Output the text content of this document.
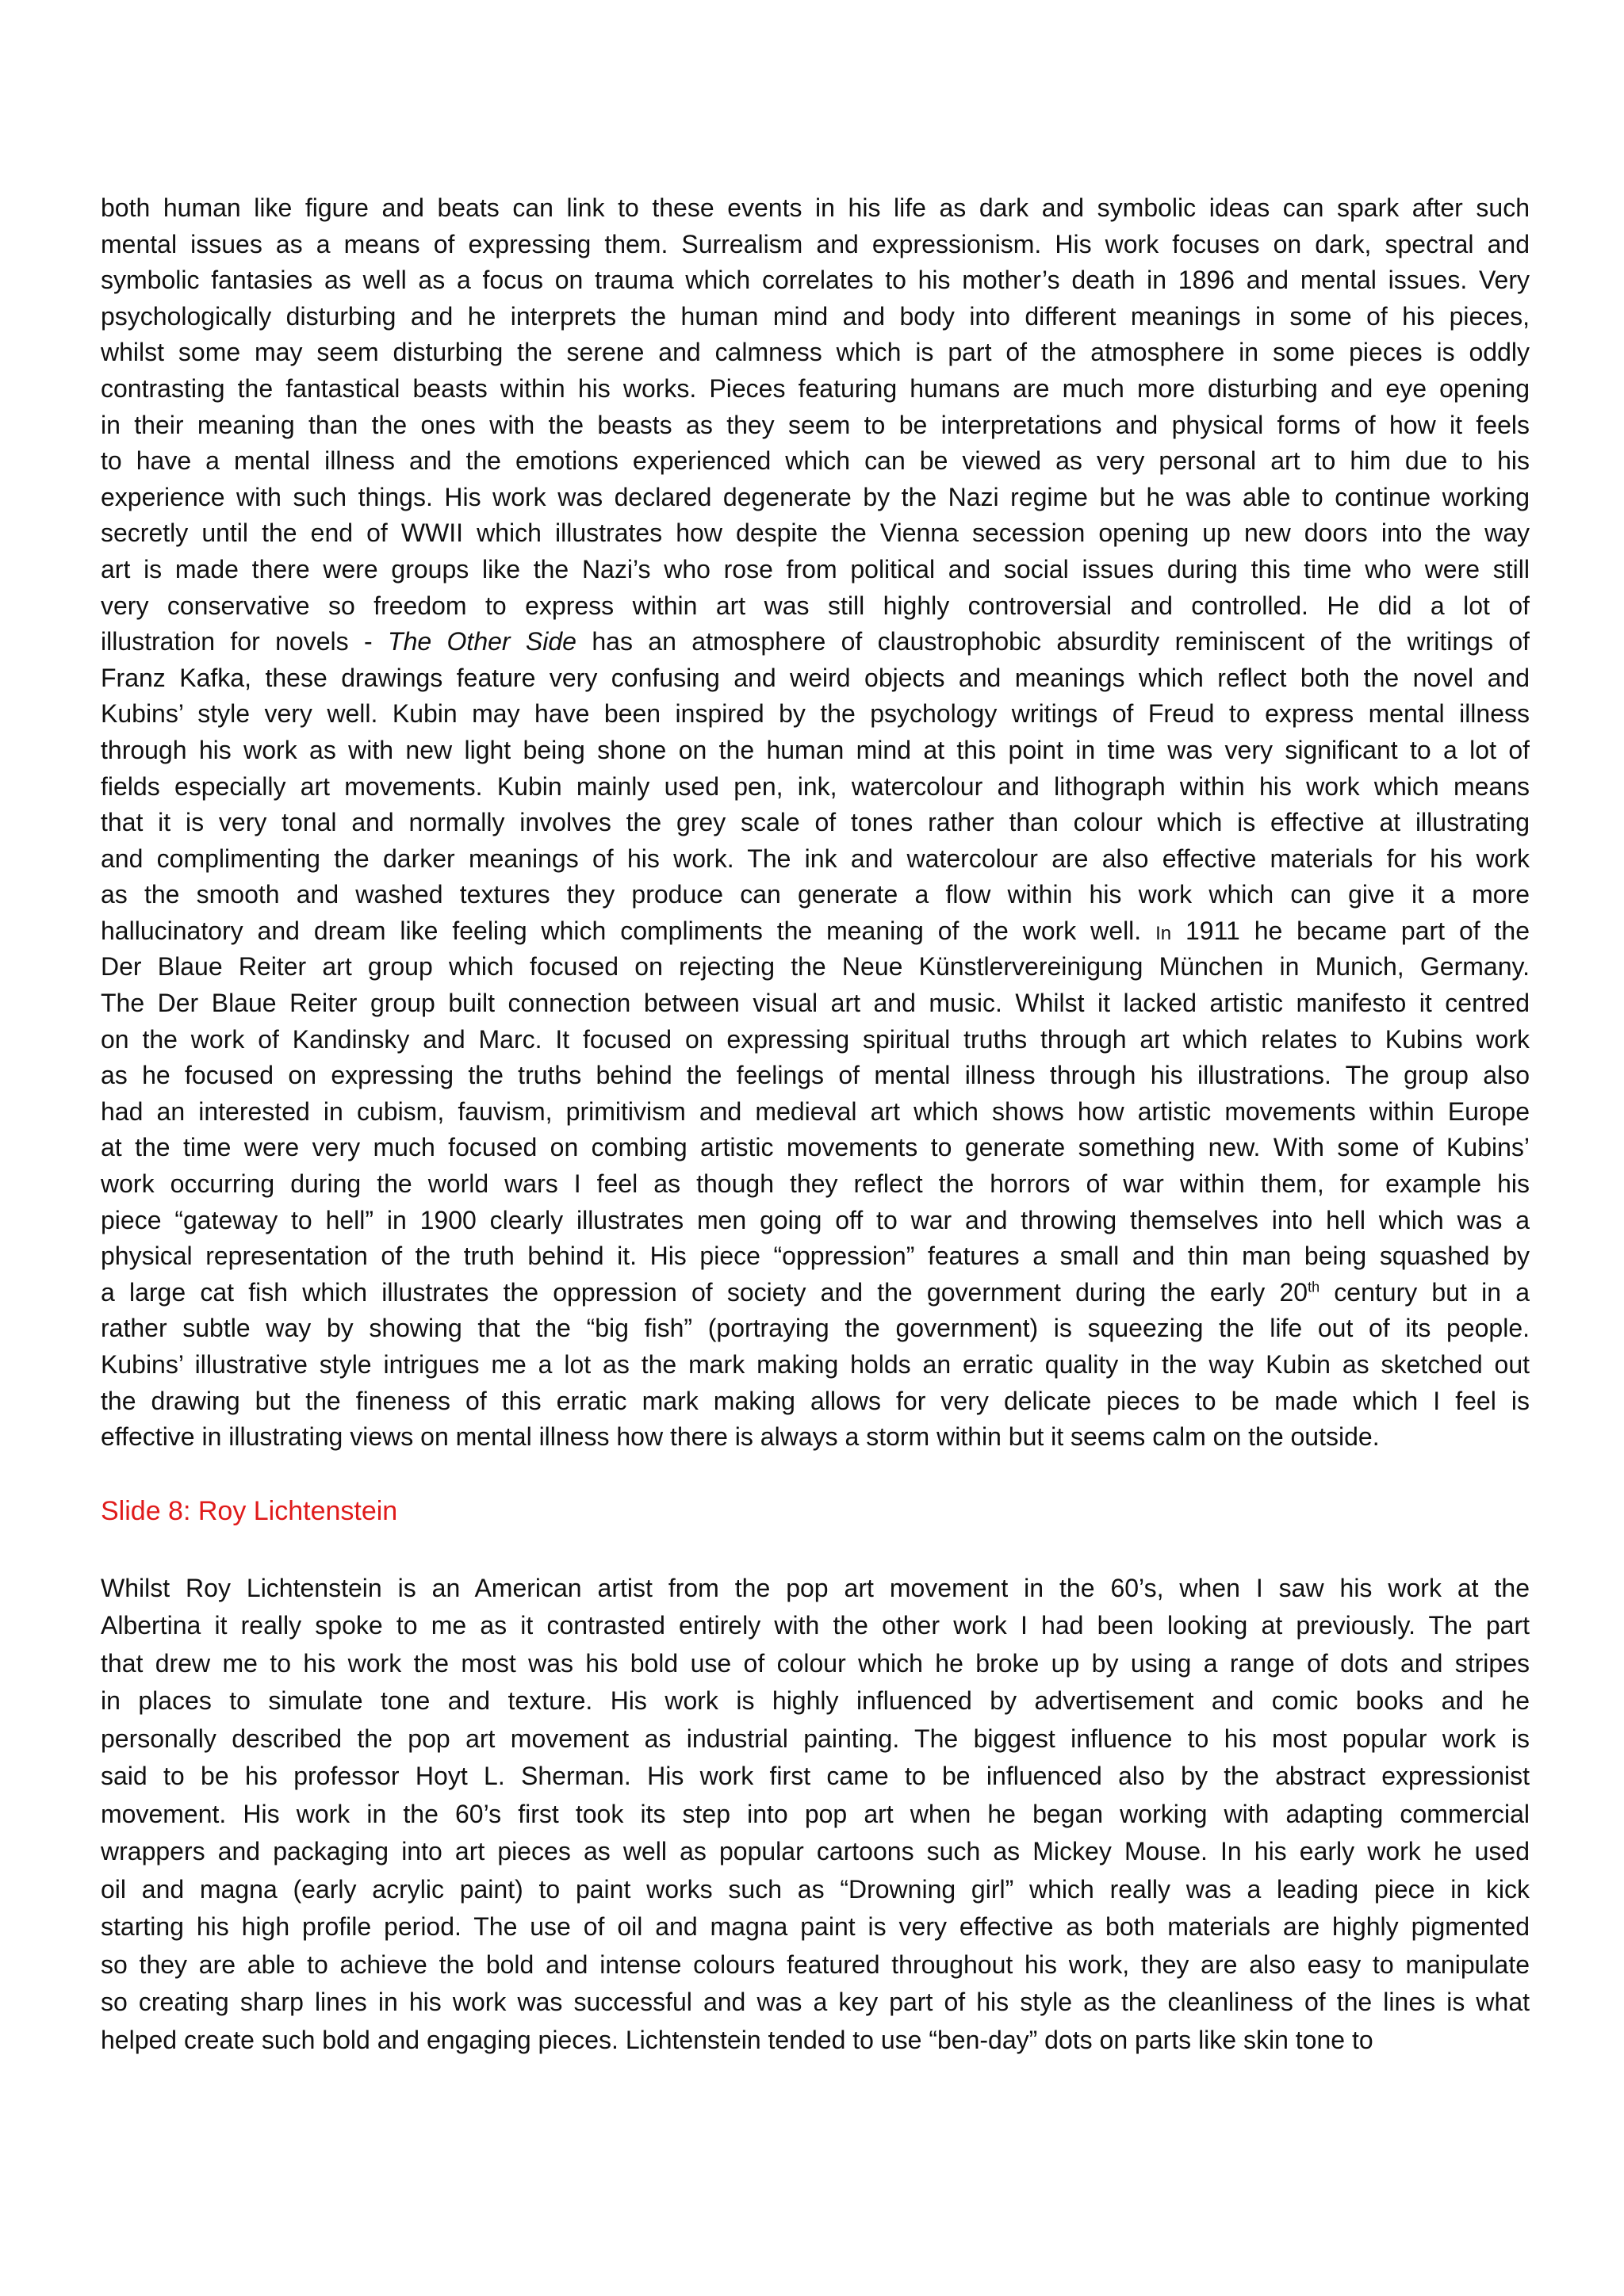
both human like figure and beats can link to these events in his life as dark and symbolic ideas can spark after such
mental issues as a means of expressing them. Surrealism and expressionism. His work focuses on dark, spectral and
symbolic fantasies as well as a focus on trauma which correlates to his mother’s death in 1896 and mental issues. Very
psychologically disturbing and he interprets the human mind and body into different meanings in some of his pieces,
whilst some may seem disturbing the serene and calmness which is part of the atmosphere in some pieces is oddly
contrasting the fantastical beasts within his works. Pieces featuring humans are much more disturbing and eye opening
in their meaning than the ones with the beasts as they seem to be interpretations and physical forms of how it feels
to have a mental illness and the emotions experienced which can be viewed as very personal art to him due to his
experience with such things. His work was declared degenerate by the Nazi regime but he was able to continue working
secretly until the end of WWII which illustrates how despite the Vienna secession opening up new doors into the way
art is made there were groups like the Nazi’s who rose from political and social issues during this time who were still
very conservative so freedom to express within art was still highly controversial and controlled. He did a lot of
illustration for novels - The Other Side has an atmosphere of claustrophobic absurdity reminiscent of the writings of
Franz Kafka, these drawings feature very confusing and weird objects and meanings which reflect both the novel and
Kubins’ style very well. Kubin may have been inspired by the psychology writings of Freud to express mental illness
through his work as with new light being shone on the human mind at this point in time was very significant to a lot of
fields especially art movements. Kubin mainly used pen, ink, watercolour and lithograph within his work which means
that it is very tonal and normally involves the grey scale of tones rather than colour which is effective at illustrating
and complimenting the darker meanings of his work. The ink and watercolour are also effective materials for his work
as the smooth and washed textures they produce can generate a flow within his work which can give it a more
hallucinatory and dream like feeling which compliments the meaning of the work well. In 1911 he became part of the
Der Blaue Reiter art group which focused on rejecting the Neue Künstlervereinigung München in Munich, Germany.
The Der Blaue Reiter group built connection between visual art and music. Whilst it lacked artistic manifesto it centred
on the work of Kandinsky and Marc. It focused on expressing spiritual truths through art which relates to Kubins work
as he focused on expressing the truths behind the feelings of mental illness through his illustrations. The group also
had an interested in cubism, fauvism, primitivism and medieval art which shows how artistic movements within Europe
at the time were very much focused on combing artistic movements to generate something new. With some of Kubins’
work occurring during the world wars I feel as though they reflect the horrors of war within them, for example his
piece “gateway to hell” in 1900 clearly illustrates men going off to war and throwing themselves into hell which was a
physical representation of the truth behind it. His piece “oppression” features a small and thin man being squashed by
a large cat fish which illustrates the oppression of society and the government during the early 20th century but in a
rather subtle way by showing that the “big fish” (portraying the government) is squeezing the life out of its people.
Kubins’ illustrative style intrigues me a lot as the mark making holds an erratic quality in the way Kubin as sketched out
the drawing but the fineness of this erratic mark making allows for very delicate pieces to be made which I feel is
effective in illustrating views on mental illness how there is always a storm within but it seems calm on the outside.
Slide 8: Roy Lichtenstein
Whilst Roy Lichtenstein is an American artist from the pop art movement in the 60’s, when I saw his work at the
Albertina it really spoke to me as it contrasted entirely with the other work I had been looking at previously. The part
that drew me to his work the most was his bold use of colour which he broke up by using a range of dots and stripes
in places to simulate tone and texture. His work is highly influenced by advertisement and comic books and he
personally described the pop art movement as industrial painting. The biggest influence to his most popular work is
said to be his professor Hoyt L. Sherman. His work first came to be influenced also by the abstract expressionist
movement. His work in the 60’s first took its step into pop art when he began working with adapting commercial
wrappers and packaging into art pieces as well as popular cartoons such as Mickey Mouse. In his early work he used
oil and magna (early acrylic paint) to paint works such as “Drowning girl” which really was a leading piece in kick
starting his high profile period. The use of oil and magna paint is very effective as both materials are highly pigmented
so they are able to achieve the bold and intense colours featured throughout his work, they are also easy to manipulate
so creating sharp lines in his work was successful and was a key part of his style as the cleanliness of the lines is what
helped create such bold and engaging pieces. Lichtenstein tended to use “ben-day” dots on parts like skin tone to
